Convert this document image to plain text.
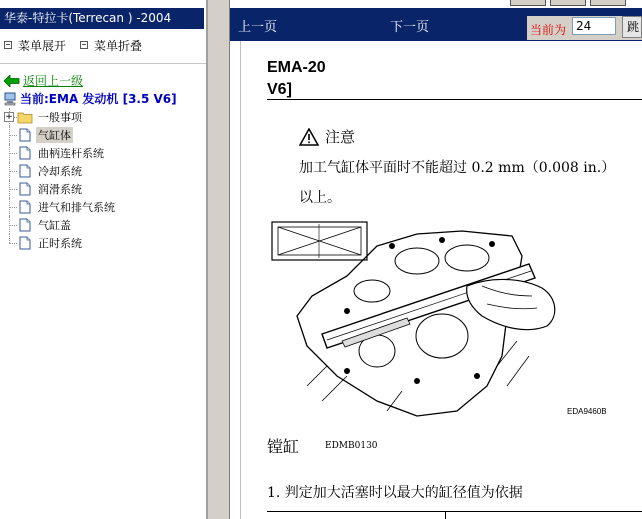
华泰-特拉卡(Terrecan ) -2004
菜单展开 菜单折叠
返回上一级
当前:EMA 发动机 [3.5 V6]
+ 一般事项
气缸体
曲柄连杆系统
冷却系统
润滑系统
进气和排气系统
气缸盖
正时系统
上一页	下一页	当前为
24	跳
EMA-20
V6]
注意
加工气缸体平面时不能超过 0.2 mm（0.008 in.）
以上。
EDA9460B
镗缸	EDMB0130
1. 判定加大活塞时以最大的缸径值为依据
